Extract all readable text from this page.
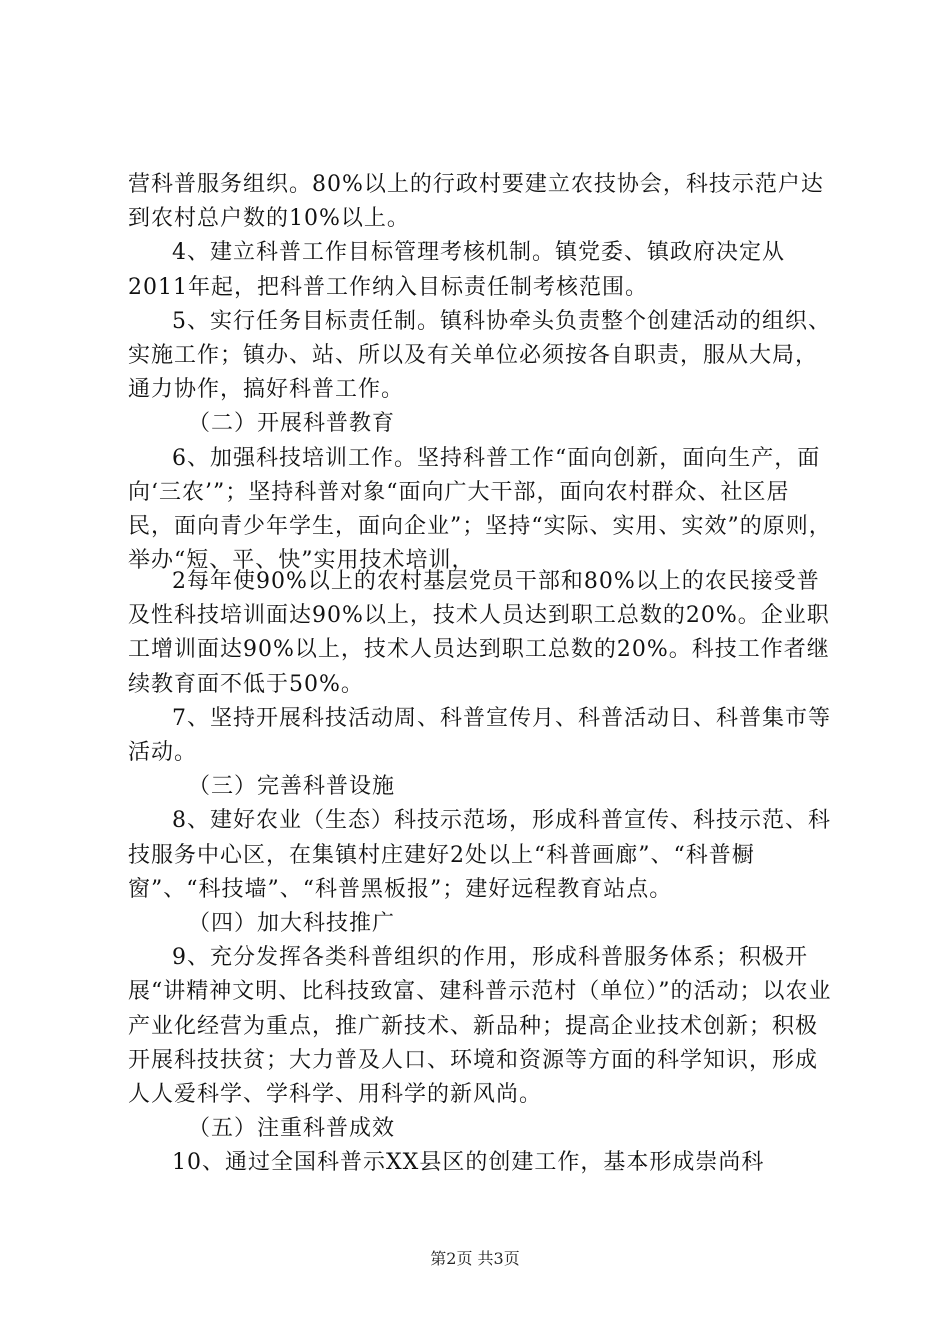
营科普服务组织。80%以上的行政村要建立农技协会，科技示范户达到农村总户数的10%以上。

4、建立科普工作目标管理考核机制。镇党委、镇政府决定从2011年起，把科普工作纳入目标责任制考核范围。

5、实行任务目标责任制。镇科协牵头负责整个创建活动的组织、实施工作；镇办、站、所以及有关单位必须按各自职责，服从大局，通力协作，搞好科普工作。

（二）开展科普教育

6、加强科技培训工作。坚持科普工作“面向创新，面向生产，面向‘三农’”；坚持科普对象“面向广大干部，面向农村群众、社区居民，面向青少年学生，面向企业”；坚持“实际、实用、实效”的原则，举办“短、平、快”实用技术培训，

2每年使90%以上的农村基层党员干部和80%以上的农民接受普及性科技培训面达90%以上，技术人员达到职工总数的20%。企业职工增训面达90%以上，技术人员达到职工总数的20%。科技工作者继续教育面不低于50%。

7、坚持开展科技活动周、科普宣传月、科普活动日、科普集市等活动。

（三）完善科普设施

8、建好农业（生态）科技示范场，形成科普宣传、科技示范、科技服务中心区，在集镇村庄建好2处以上“科普画廊”、“科普橱窗”、“科技墙”、“科普黑板报”；建好远程教育站点。

（四）加大科技推广

9、充分发挥各类科普组织的作用，形成科普服务体系；积极开展“讲精神文明、比科技致富、建科普示范村（单位）”的活动；以农业产业化经营为重点，推广新技术、新品种；提高企业技术创新；积极开展科技扶贫；大力普及人口、环境和资源等方面的科学知识，形成人人爱科学、学科学、用科学的新风尚。

（五）注重科普成效

10、通过全国科普示XX县区的创建工作，基本形成崇尚科

第2页 共3页
